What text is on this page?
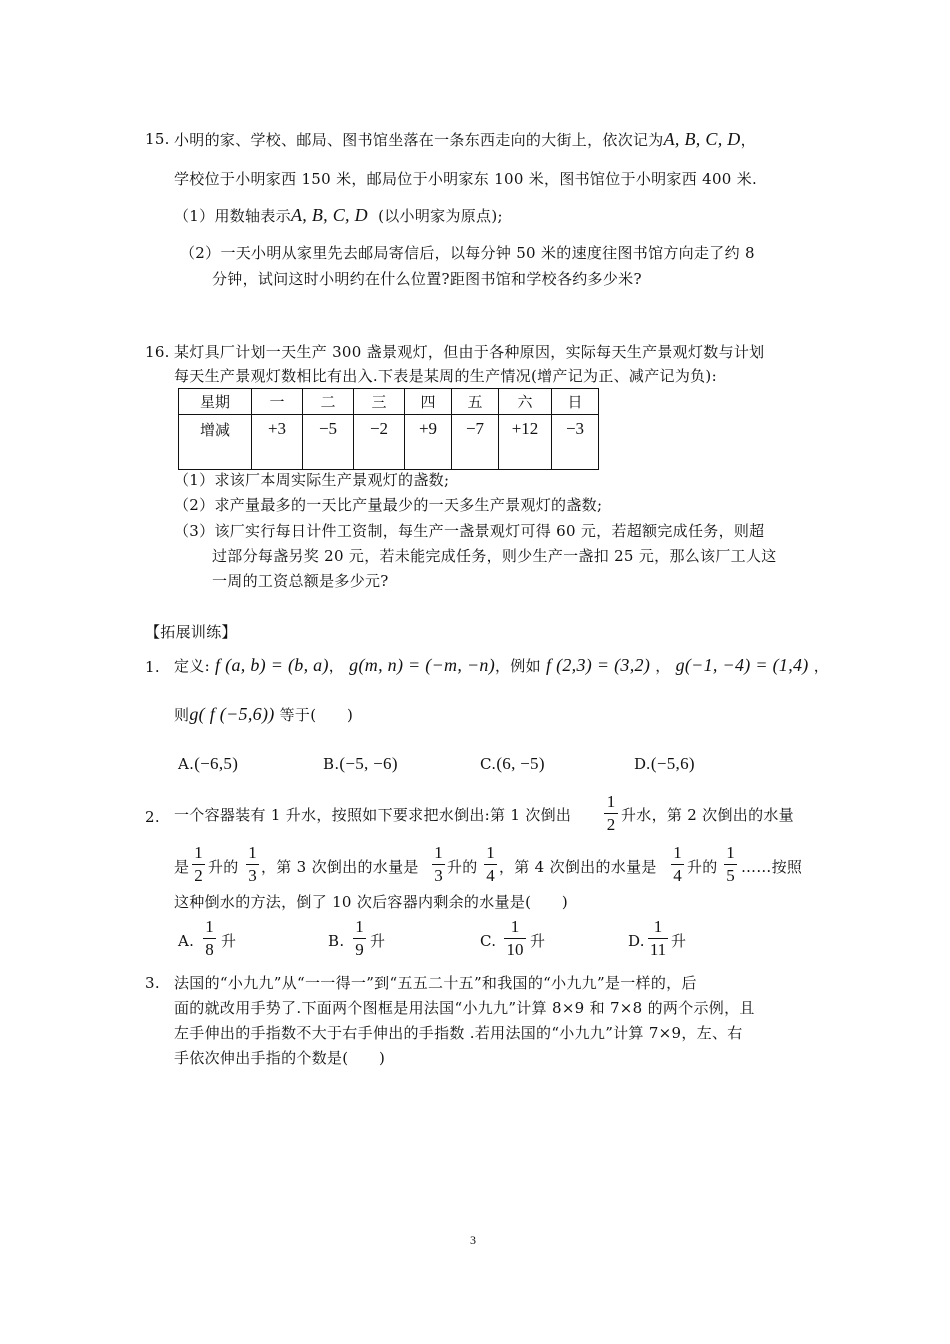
15. 小明的家、学校、邮局、图书馆坐落在一条东西走向的大街上，依次记为A, B, C, D，
学校位于小明家西 150 米，邮局位于小明家东 100 米，图书馆位于小明家西 400 米.
（1）用数轴表示A, B, C, D (以小明家为原点);
（2）一天小明从家里先去邮局寄信后，以每分钟 50 米的速度往图书馆方向走了约 8
分钟，试问这时小明约在什么位置?距图书馆和学校各约多少米?
16. 某灯具厂计划一天生产 300 盏景观灯，但由于各种原因，实际每天生产景观灯数与计划
每天生产景观灯数相比有出入.下表是某周的生产情况(增产记为正、减产记为负):
星期	一	二	三	四	五	六	日
增减	+3	−5	−2	+9	−7	+12	−3
（1）求该厂本周实际生产景观灯的盏数;
（2）求产量最多的一天比产量最少的一天多生产景观灯的盏数;
（3）该厂实行每日计件工资制，每生产一盏景观灯可得 60 元，若超额完成任务，则超
过部分每盏另奖 20 元，若未能完成任务，则少生产一盏扣 25 元，那么该厂工人这
一周的工资总额是多少元?
【拓展训练】
1. 定义: f (a, b) = (b, a)， g(m, n) = (−m, −n)，例如 f (2,3) = (3,2) ， g(−1, −4) = (1,4) ，
则g( f (−5,6)) 等于(　　)
A.(−6,5)	B.(−5, −6)	C.(6, −5)	D.(−5,6)
2. 一个容器装有 1 升水，按照如下要求把水倒出:第 1 次倒出
1
2 升水，第 2 次倒出的水量
是
1
2 升的
1
3 ，第 3 次倒出的水量是
1
3 升的
1
4 ，第 4 次倒出的水量是
1
4 升的
1
5 ……按照
这种倒水的方法，倒了 10 次后容器内剩余的水量是(　　)
A.
1
8 升	B.
1
9 升	C.
1
10 升	D.
1
11 升
3. 法国的“小九九”从“一一得一”到“五五二十五”和我国的“小九九”是一样的，后
面的就改用手势了.下面两个图框是用法国“小九九”计算 8×9 和 7×8 的两个示例，且
左手伸出的手指数不大于右手伸出的手指数 .若用法国的“小九九”计算 7×9，左、右
手依次伸出手指的个数是(　　)
3
